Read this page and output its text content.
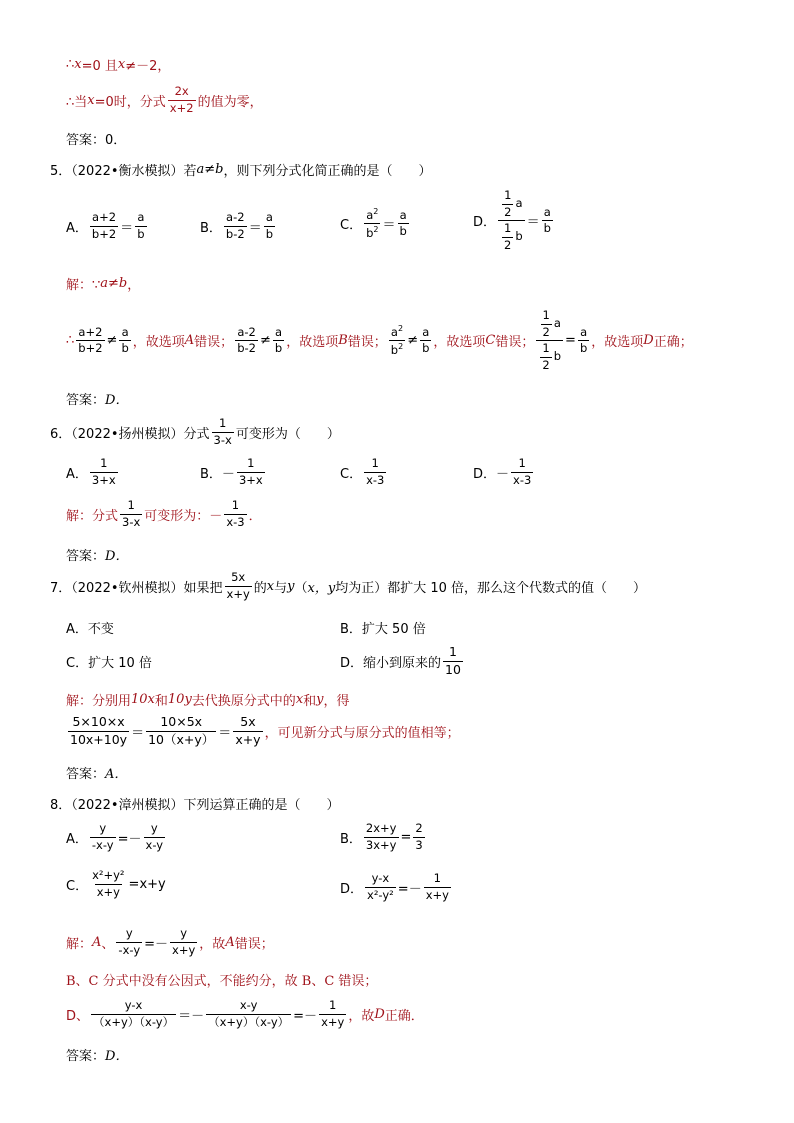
∴ x =0 且 x ≠－2，
∴当 x =0时，分式 $\frac{2x}{x+2}$ 的值为零，
答案： 0．
5．（2022•衡水模拟）若 a≠b ，则下列分式化简正确的是（　　）
A． $\frac{a+2}{b+2} = \frac{a}{b}$	B． $\frac{a-2}{b-2} = \frac{a}{b}$	C． $\frac{a^2}{b^2} = \frac{a}{b}$	D． $\frac{\frac{1}{2} a}{\frac{1}{2} b} = \frac{a}{b}$
解：∵ a≠b ，
∴ $\frac{a+2}{b+2} \ne \frac{a}{b}$ ，故选项 A 错误； $\frac{a-2}{b-2} \ne \frac{a}{b}$ ，故选项 B 错误； $\frac{a^2}{b^2} \ne \frac{a}{b}$ ，故选项 C 错误； $\frac{\frac{1}{2} a}{\frac{1}{2} b} = \frac{a}{b}$ ，故选项 D 正确；
答案： D．
6．（2022•扬州模拟）分式 $\frac{1}{3-x}$ 可变形为（　　）
A． $\frac{1}{3+x}$	B． － $\frac{1}{3+x}$	C． $\frac{1}{x-3}$	D． － $\frac{1}{x-3}$
解：分式 $\frac{1}{3-x}$ 可变形为：－ $\frac{1}{x-3}$ ．
答案： D．
7．（2022•钦州模拟）如果把 $\frac{5x}{x+y}$ 的 x 与 y （ x，y 均为正）都扩大 10 倍，那么这个代数式的值（　　）
A．不变	B．扩大 50 倍
C．扩大 10 倍	D．缩小到原来的 $\frac{1}{10}$
解：分别用 10x 和 10y 去代换原分式中的 x 和 y ，得
$\frac{5\times 10\times x}{10x+10y} = \frac{10\times 5x}{10(x+y)} = \frac{5x}{x+y}$ ，可见新分式与原分式的值相等；
答案： A．
8．（2022•漳州模拟）下列运算正确的是（　　）
A． $\frac{y}{-x-y} =- \frac{y}{x-y}$	B． $\frac{2x+y}{3x+y} = \frac{2}{3}$
C． $\frac{\text{x²+y²}}{x+y} =x+y$	D． $\frac{y-x}{\text{x²-y²}} =- \frac{1}{x+y}$
解： A 、 $\frac{y}{-x-y} =- \frac{y}{x+y}$ ，故 A 错误；
B、C 分式中没有公因式，不能约分，故 B、C 错误；
D、 $\frac{y-x}{(x+y)(x-y)} =- \frac{x-y}{(x+y)(x-y)} =- \frac{1}{x+y}$ ，故 D 正确．
答案： D．
